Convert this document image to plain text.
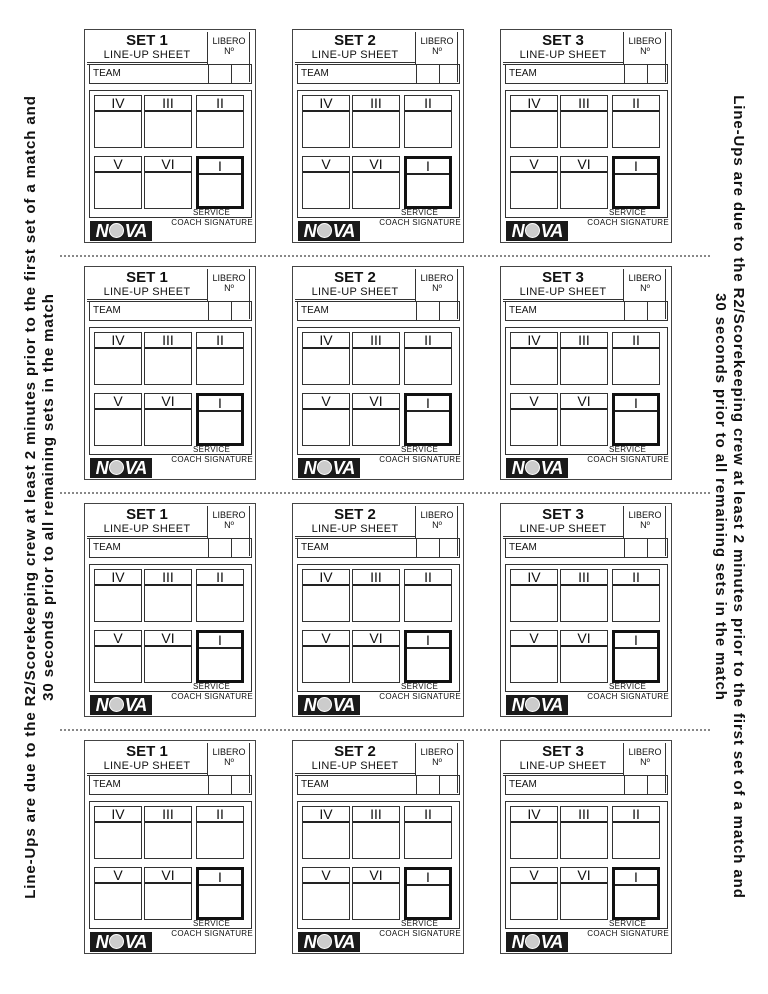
Line-Ups are due to the R2/Scorekeeping crew at least 2 minutes prior to the first set of a match and 30 seconds prior to all remaining sets in the match	Line-Ups are due to the R2/Scorekeeping crew at least 2 minutes prior to the first set of a match and
30 seconds prior to all remaining sets in the match
SET 1
LINE-UP SHEET
LIBERO
Nº
TEAM
IV	III	II
V	VI	I
SERVICE
COACH SIGNATURE
N VA
SET 2
LINE-UP SHEET
LIBERO
Nº
TEAM
IV	III	II
V	VI	I
SERVICE
COACH SIGNATURE
N VA
SET 3
LINE-UP SHEET
LIBERO
Nº
TEAM
IV	III	II
V	VI	I
SERVICE
COACH SIGNATURE
N VA
SET 1
LINE-UP SHEET
LIBERO
Nº
TEAM
IV	III	II
V	VI	I
SERVICE
COACH SIGNATURE
N VA
SET 2
LINE-UP SHEET
LIBERO
Nº
TEAM
IV	III	II
V	VI	I
SERVICE
COACH SIGNATURE
N VA
SET 3
LINE-UP SHEET
LIBERO
Nº
TEAM
IV	III	II
V	VI	I
SERVICE
COACH SIGNATURE
N VA
SET 1
LINE-UP SHEET
LIBERO
Nº
TEAM
IV	III	II
V	VI	I
SERVICE
COACH SIGNATURE
N VA
SET 2
LINE-UP SHEET
LIBERO
Nº
TEAM
IV	III	II
V	VI	I
SERVICE
COACH SIGNATURE
N VA
SET 3
LINE-UP SHEET
LIBERO
Nº
TEAM
IV	III	II
V	VI	I
SERVICE
COACH SIGNATURE
N VA
SET 1
LINE-UP SHEET
LIBERO
Nº
TEAM
IV	III	II
V	VI	I
SERVICE
COACH SIGNATURE
N VA
SET 2
LINE-UP SHEET
LIBERO
Nº
TEAM
IV	III	II
V	VI	I
SERVICE
COACH SIGNATURE
N VA
SET 3
LINE-UP SHEET
LIBERO
Nº
TEAM
IV	III	II
V	VI	I
SERVICE
COACH SIGNATURE
N VA
